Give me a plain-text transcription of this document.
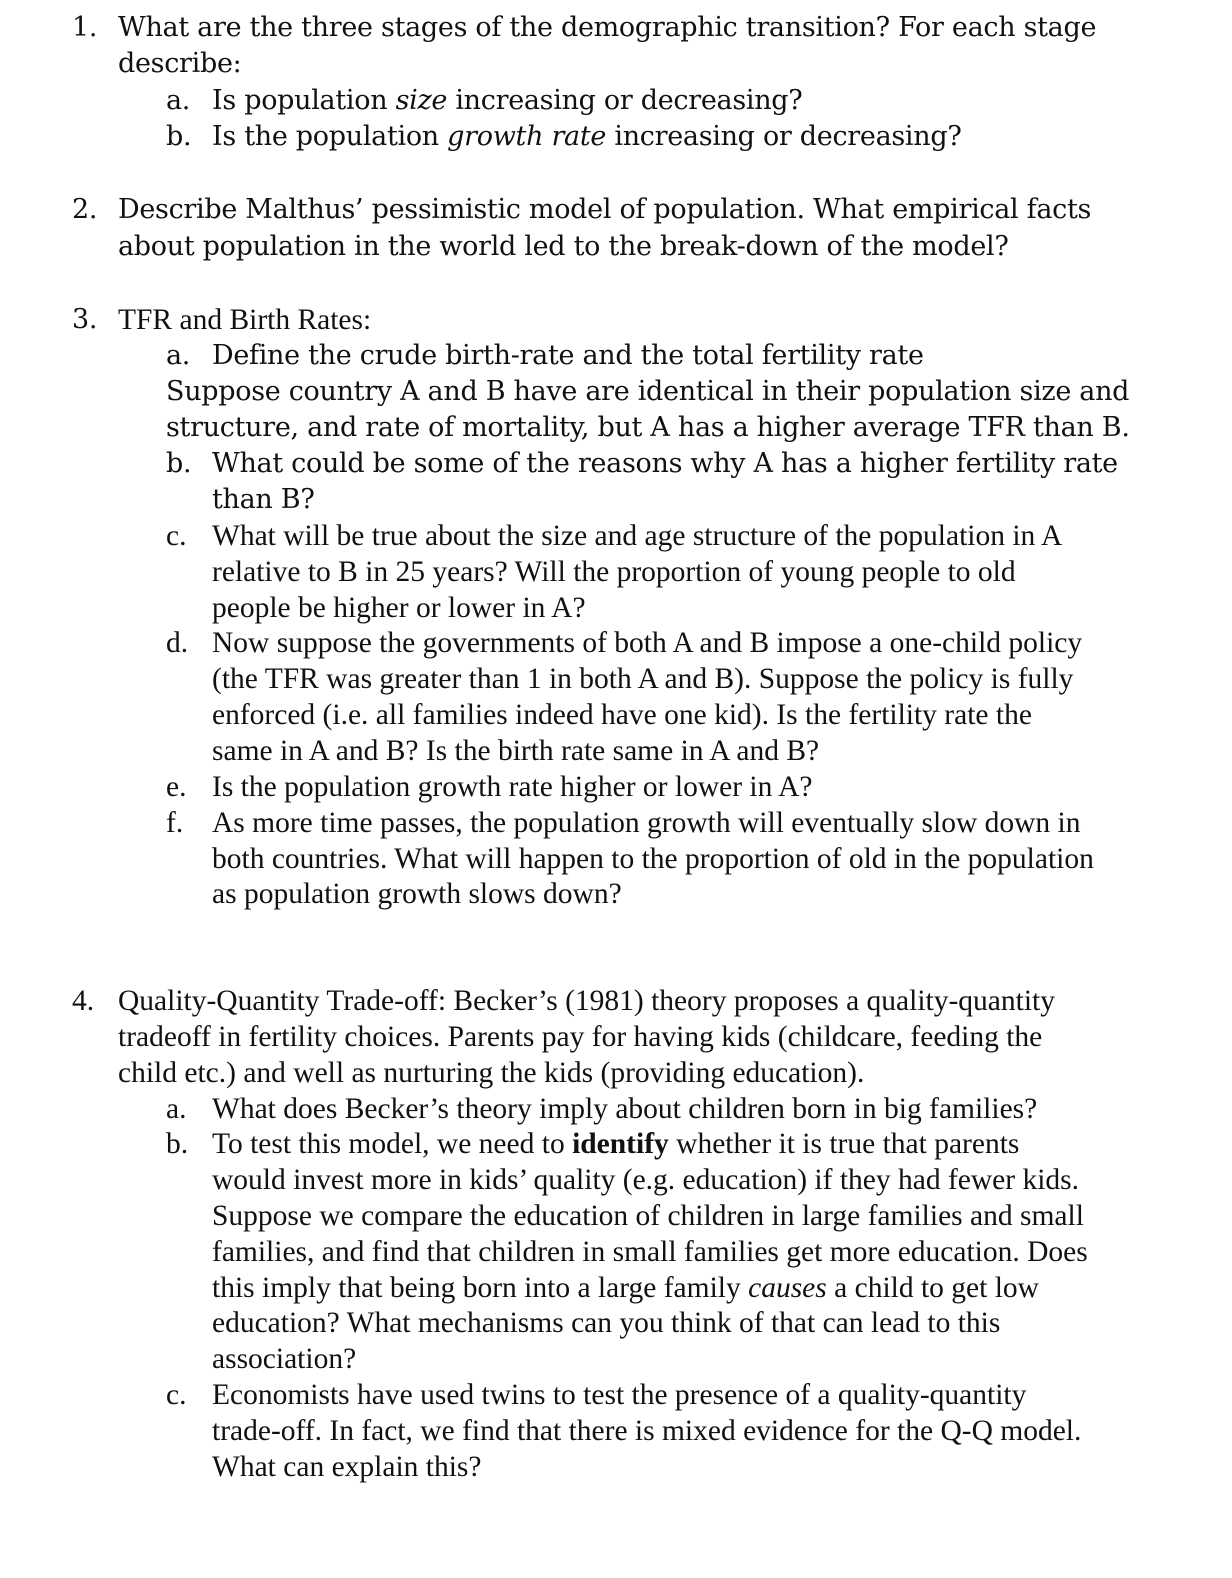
1. What are the three stages of the demographic transition? For each stage
describe:
a. Is population size increasing or decreasing?
b. Is the population growth rate increasing or decreasing?
2. Describe Malthus’ pessimistic model of population. What empirical facts
about population in the world led to the break-down of the model?
3. TFR and Birth Rates:
a. Define the crude birth-rate and the total fertility rate
Suppose country A and B have are identical in their population size and
structure, and rate of mortality, but A has a higher average TFR than B.
b. What could be some of the reasons why A has a higher fertility rate
than B?
c. What will be true about the size and age structure of the population in A
relative to B in 25 years? Will the proportion of young people to old
people be higher or lower in A?
d. Now suppose the governments of both A and B impose a one-child policy
(the TFR was greater than 1 in both A and B). Suppose the policy is fully
enforced (i.e. all families indeed have one kid). Is the fertility rate the
same in A and B? Is the birth rate same in A and B?
e. Is the population growth rate higher or lower in A?
f. As more time passes, the population growth will eventually slow down in
both countries. What will happen to the proportion of old in the population
as population growth slows down?
4. Quality-Quantity Trade-off: Becker’s (1981) theory proposes a quality-quantity
tradeoff in fertility choices. Parents pay for having kids (childcare, feeding the
child etc.) and well as nurturing the kids (providing education).
a. What does Becker’s theory imply about children born in big families?
b. To test this model, we need to identify whether it is true that parents
would invest more in kids’ quality (e.g. education) if they had fewer kids.
Suppose we compare the education of children in large families and small
families, and find that children in small families get more education. Does
this imply that being born into a large family causes a child to get low
education? What mechanisms can you think of that can lead to this
association?
c. Economists have used twins to test the presence of a quality-quantity
trade-off. In fact, we find that there is mixed evidence for the Q-Q model.
What can explain this?
